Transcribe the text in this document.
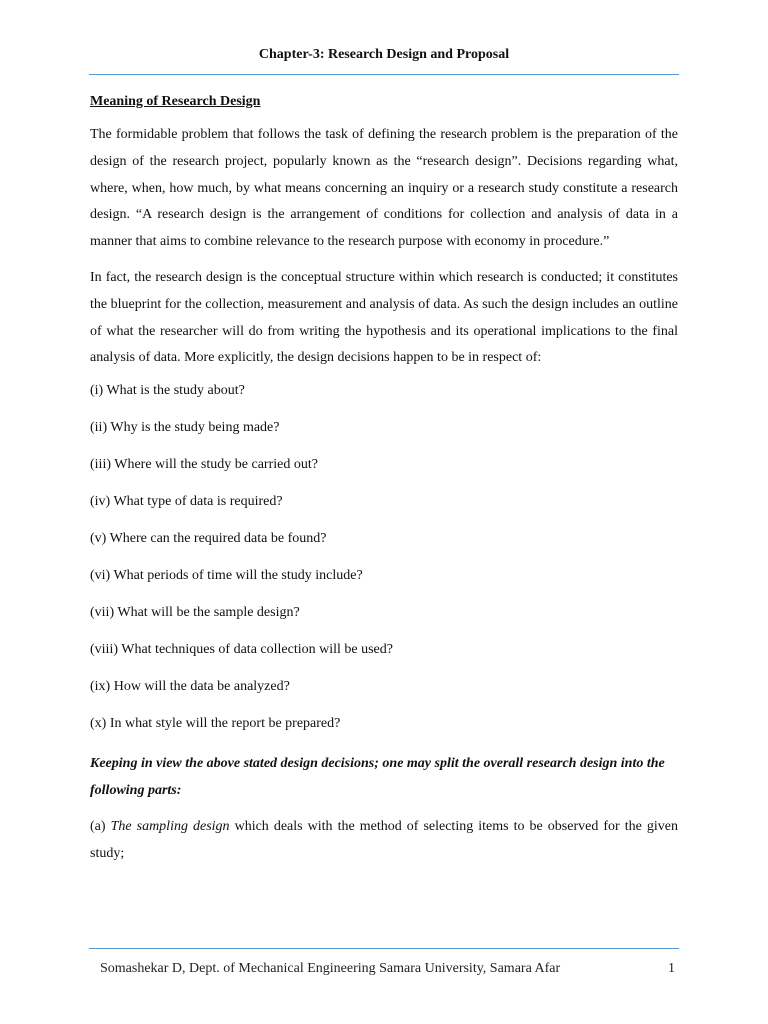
Chapter-3: Research Design and Proposal
Meaning of Research Design

The formidable problem that follows the task of defining the research problem is the preparation of the design of the research project, popularly known as the “research design”. Decisions regarding what, where, when, how much, by what means concerning an inquiry or a research study constitute a research design. “A research design is the arrangement of conditions for collection and analysis of data in a manner that aims to combine relevance to the research purpose with economy in procedure.”

In fact, the research design is the conceptual structure within which research is conducted; it constitutes the blueprint for the collection, measurement and analysis of data. As such the design includes an outline of what the researcher will do from writing the hypothesis and its operational implications to the final analysis of data. More explicitly, the design decisions happen to be in respect of:

(i) What is the study about?
(ii) Why is the study being made?
(iii) Where will the study be carried out?
(iv) What type of data is required?
(v) Where can the required data be found?
(vi) What periods of time will the study include?
(vii) What will be the sample design?
(viii) What techniques of data collection will be used?
(ix) How will the data be analyzed?
(x) In what style will the report be prepared?

Keeping in view the above stated design decisions; one may split the overall research design into the following parts:

(a) The sampling design which deals with the method of selecting items to be observed for the given study;

Somashekar D, Dept. of Mechanical Engineering Samara University, Samara Afar	1
